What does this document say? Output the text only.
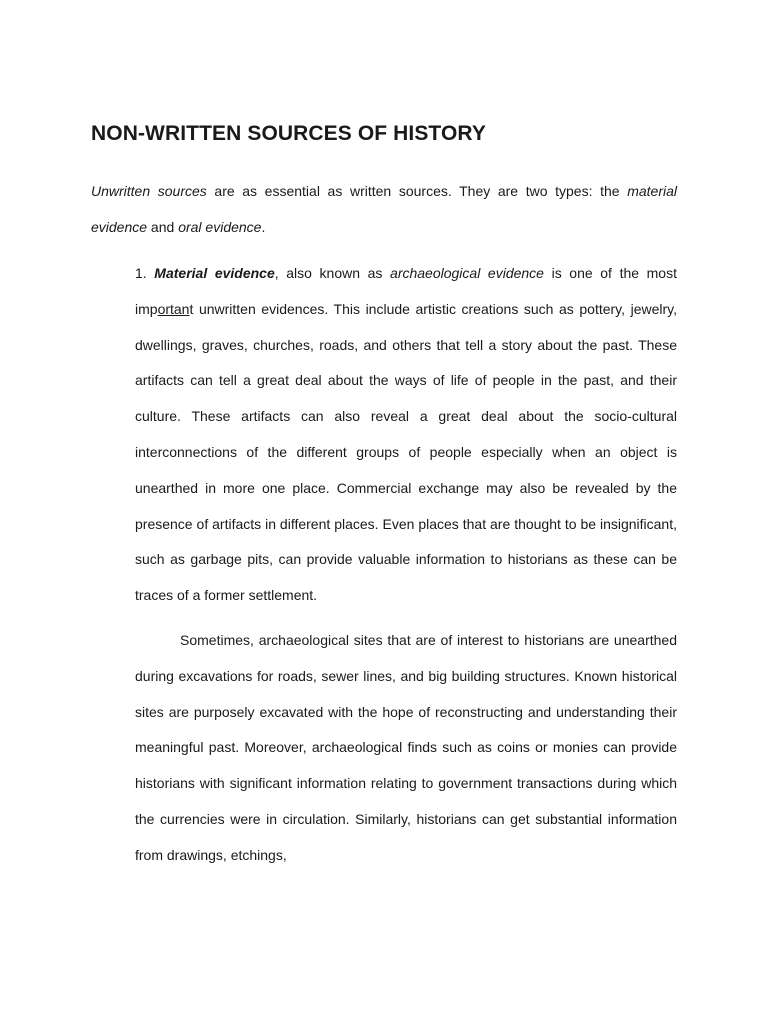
NON-WRITTEN SOURCES OF HISTORY

Unwritten sources are as essential as written sources. They are two types: the material evidence and oral evidence.

1. Material evidence, also known as archaeological evidence is one of the most important unwritten evidences. This include artistic creations such as pottery, jewelry, dwellings, graves, churches, roads, and others that tell a story about the past. These artifacts can tell a great deal about the ways of life of people in the past, and their culture. These artifacts can also reveal a great deal about the socio-cultural interconnections of the different groups of people especially when an object is unearthed in more one place. Commercial exchange may also be revealed by the presence of artifacts in different places. Even places that are thought to be insignificant, such as garbage pits, can provide valuable information to historians as these can be traces of a former settlement.

Sometimes, archaeological sites that are of interest to historians are unearthed during excavations for roads, sewer lines, and big building structures. Known historical sites are purposely excavated with the hope of reconstructing and understanding their meaningful past. Moreover, archaeological finds such as coins or monies can provide historians with significant information relating to government transactions during which the currencies were in circulation. Similarly, historians can get substantial information from drawings, etchings,
